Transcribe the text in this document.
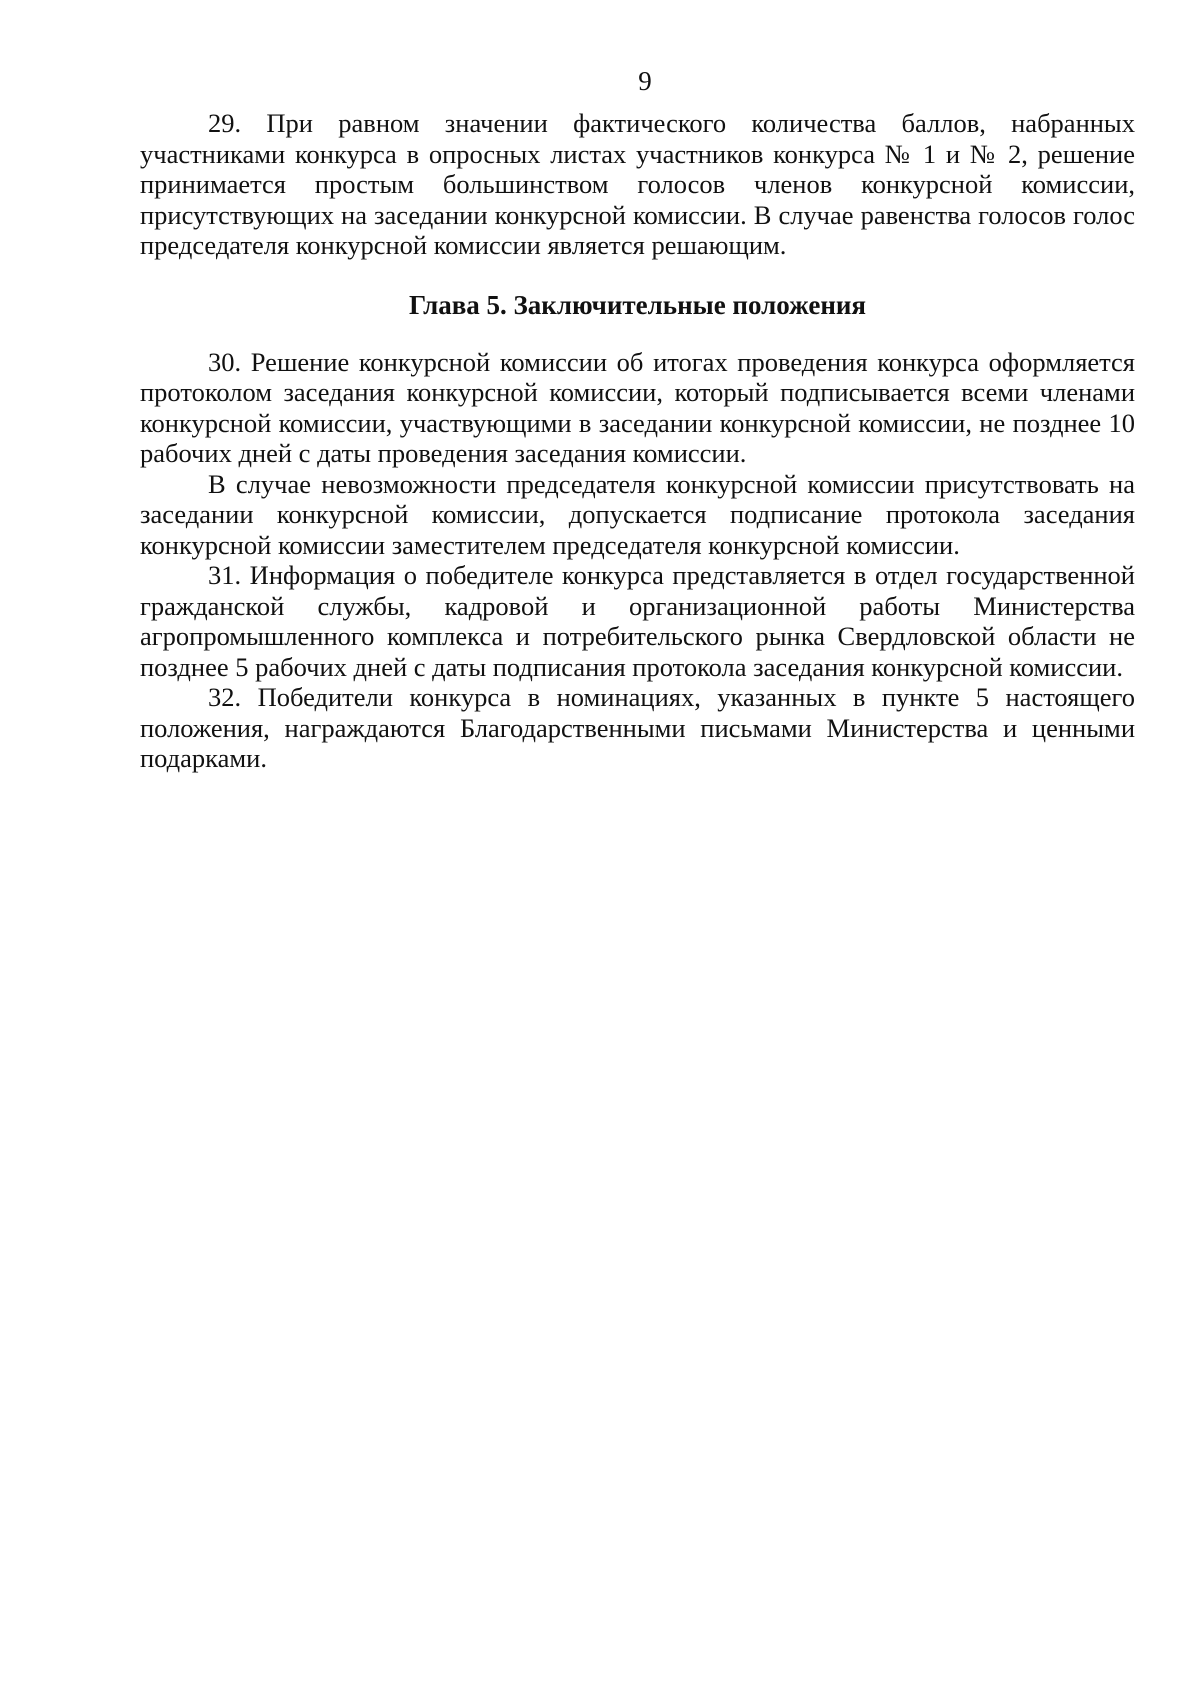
9

29. При равном значении фактического количества баллов, набранных участниками конкурса в опросных листах участников конкурса № 1 и № 2, решение принимается простым большинством голосов членов конкурсной комиссии, присутствующих на заседании конкурсной комиссии. В случае равенства голосов голос председателя конкурсной комиссии является решающим.

Глава 5. Заключительные положения

30. Решение конкурсной комиссии об итогах проведения конкурса оформляется протоколом заседания конкурсной комиссии, который подписывается всеми членами конкурсной комиссии, участвующими в заседании конкурсной комиссии, не позднее 10 рабочих дней с даты проведения заседания комиссии.

В случае невозможности председателя конкурсной комиссии присутствовать на заседании конкурсной комиссии, допускается подписание протокола заседания конкурсной комиссии заместителем председателя конкурсной комиссии.

31. Информация о победителе конкурса представляется в отдел государственной гражданской службы, кадровой и организационной работы Министерства агропромышленного комплекса и потребительского рынка Свердловской области не позднее 5 рабочих дней с даты подписания протокола заседания конкурсной комиссии.

32. Победители конкурса в номинациях, указанных в пункте 5 настоящего положения, награждаются Благодарственными письмами Министерства и ценными подарками.
